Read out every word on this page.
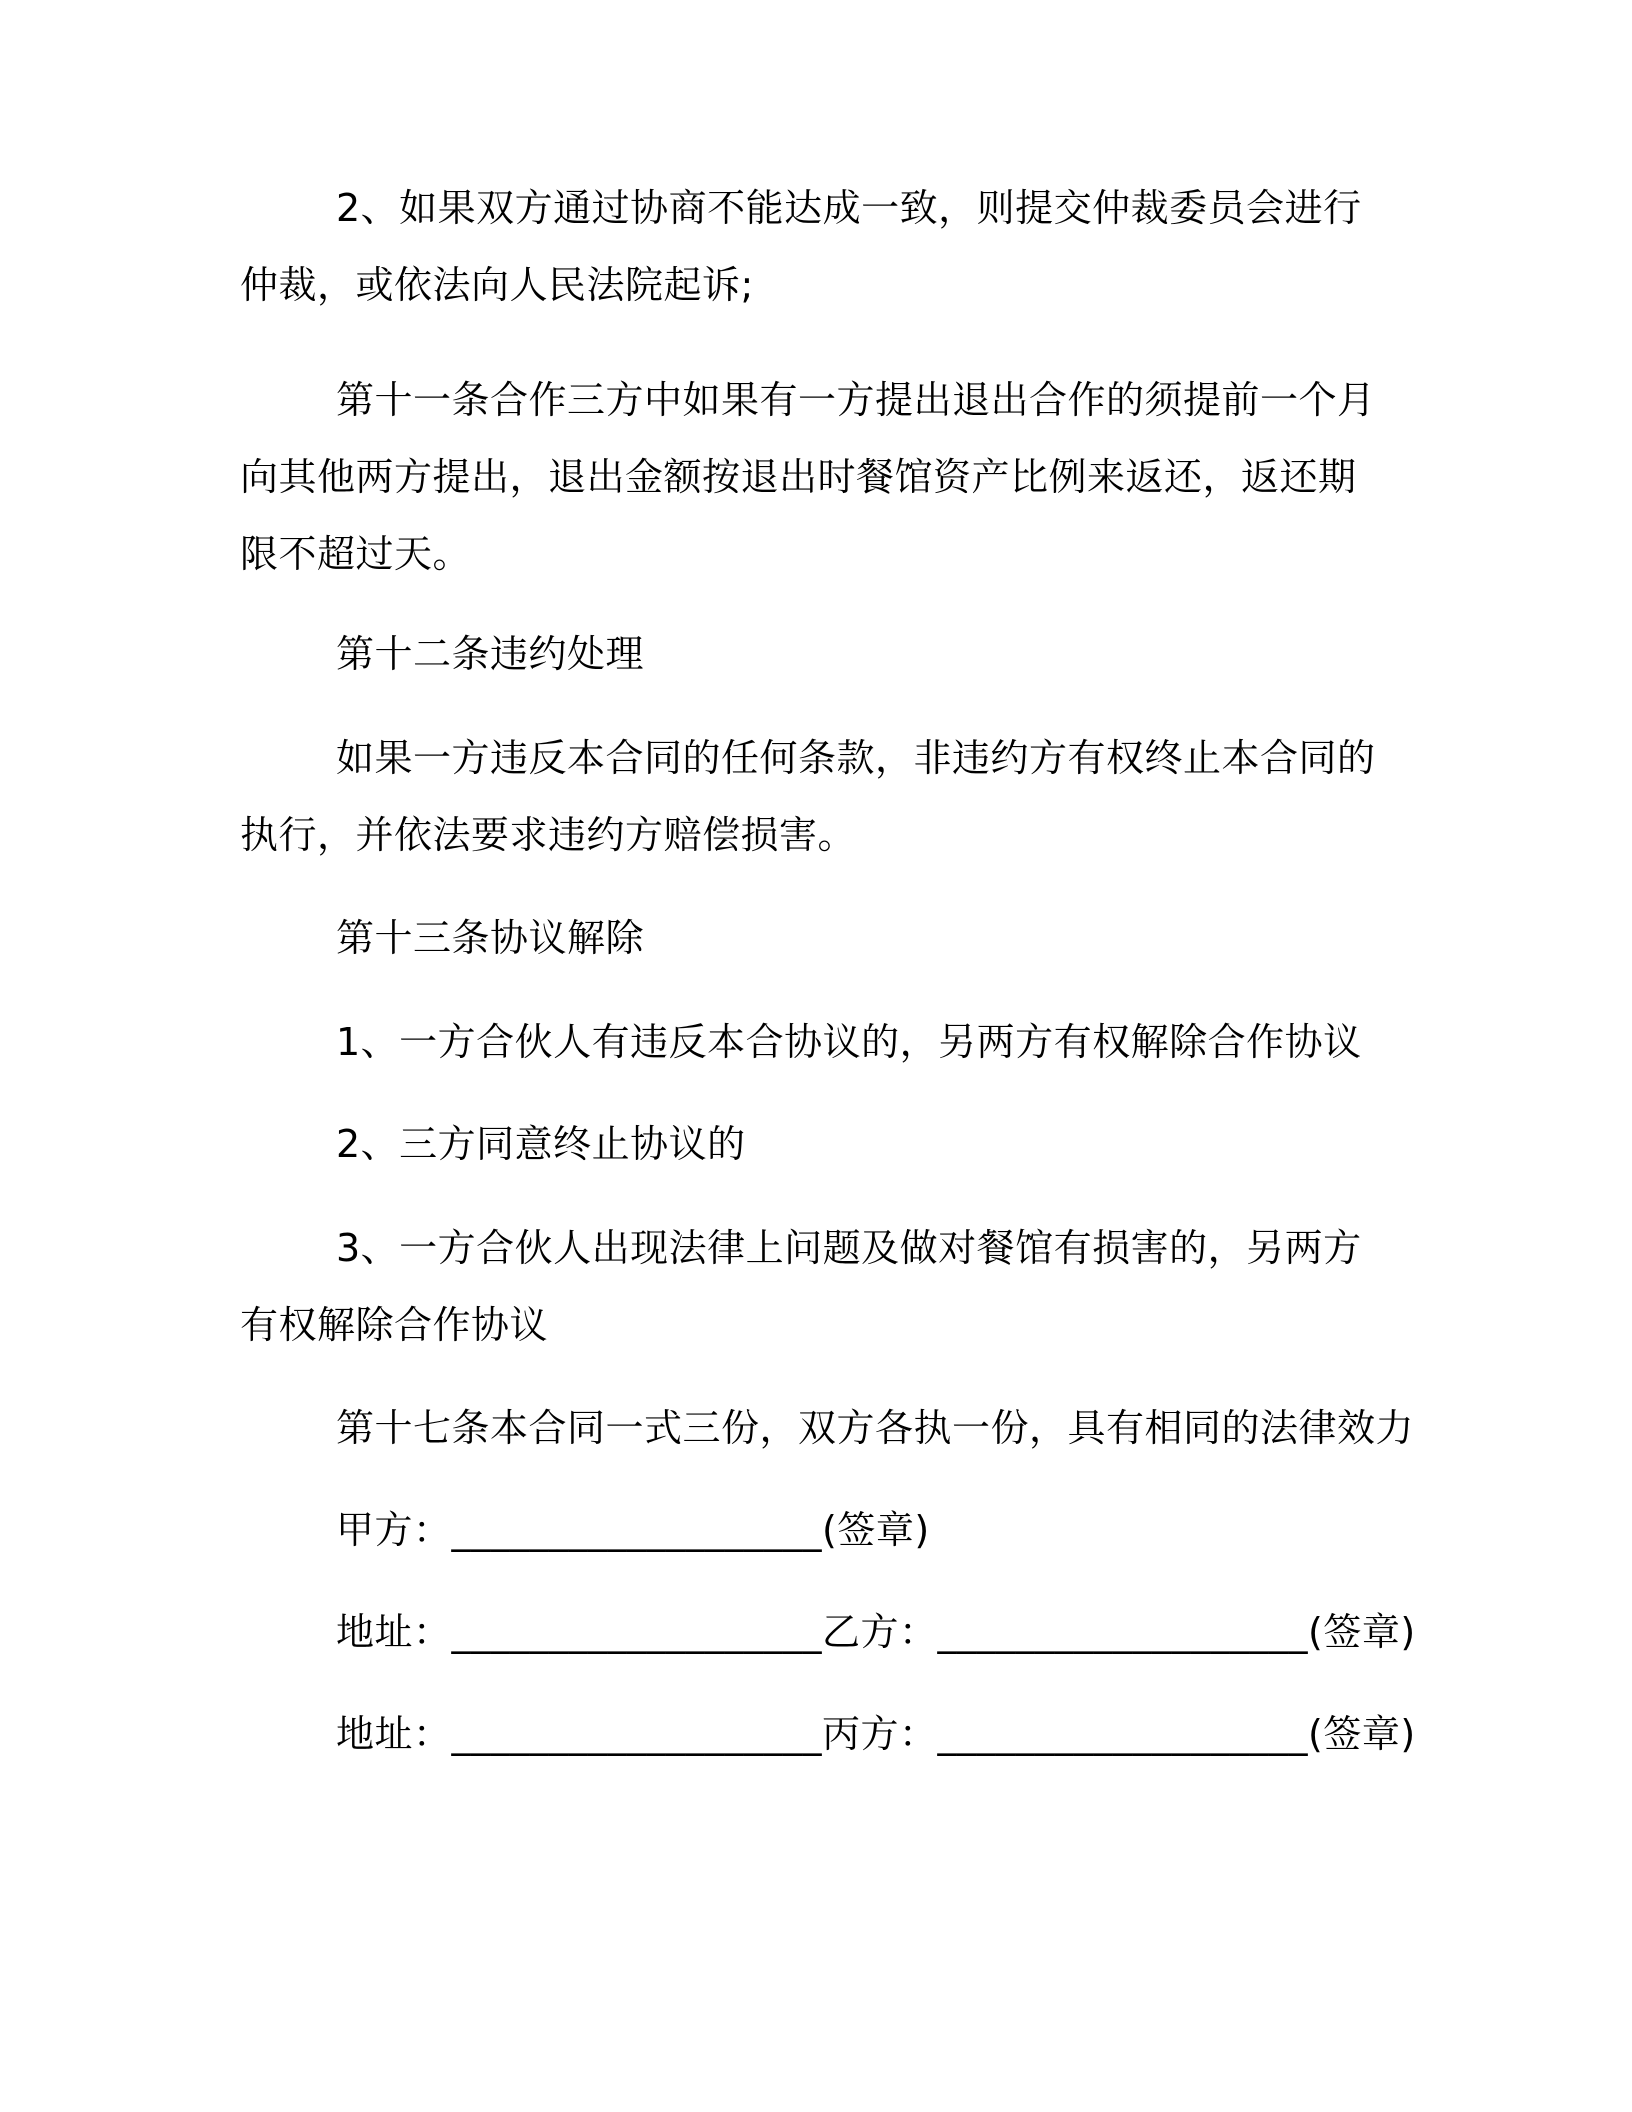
2、如果双方通过协商不能达成一致，则提交仲裁委员会进行仲裁，或依法向人民法院起诉;

第十一条合作三方中如果有一方提出退出合作的须提前一个月向其他两方提出，退出金额按退出时餐馆资产比例来返还，返还期限不超过天。

第十二条违约处理

如果一方违反本合同的任何条款，非违约方有权终止本合同的执行，并依法要求违约方赔偿损害。

第十三条协议解除

1、一方合伙人有违反本合协议的，另两方有权解除合作协议

2、三方同意终止协议的

3、一方合伙人出现法律上问题及做对餐馆有损害的，另两方有权解除合作协议

第十七条本合同一式三份，双方各执一份，具有相同的法律效力

甲方：___________________(签章)

地址：___________________乙方：___________________(签章)

地址：___________________丙方：___________________(签章)
